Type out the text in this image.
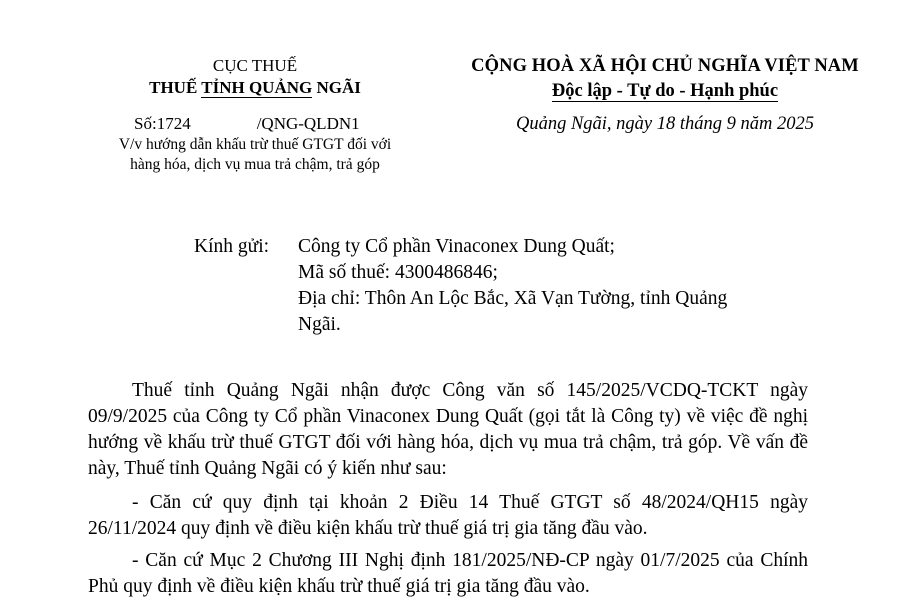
CỤC THUẾ
THUẾ TỈNH QUẢNG NGÃI
Số:1724	/QNG-QLDN1
V/v hướng dẫn khấu trừ thuế GTGT đối với
hàng hóa, dịch vụ mua trả chậm, trả góp
CỘNG HOÀ XÃ HỘI CHỦ NGHĨA VIỆT NAM
Độc lập - Tự do - Hạnh phúc
Quảng Ngãi, ngày 18 tháng 9 năm 2025
Kính gửi: Công ty Cổ phần Vinaconex Dung Quất;
Mã số thuế: 4300486846;
Địa chỉ: Thôn An Lộc Bắc, Xã Vạn Tường, tỉnh Quảng
Ngãi.
Thuế tỉnh Quảng Ngãi nhận được Công văn số 145/2025/VCDQ-TCKT ngày 09/9/2025 của Công ty Cổ phần Vinaconex Dung Quất (gọi tắt là Công ty) về việc đề nghị hướng về khấu trừ thuế GTGT đối với hàng hóa, dịch vụ mua trả chậm, trả góp. Về vấn đề này, Thuế tỉnh Quảng Ngãi có ý kiến như sau:
- Căn cứ quy định tại khoản 2 Điều 14 Thuế GTGT số 48/2024/QH15 ngày 26/11/2024 quy định về điều kiện khấu trừ thuế giá trị gia tăng đầu vào.
- Căn cứ Mục 2 Chương III Nghị định 181/2025/NĐ-CP ngày 01/7/2025 của Chính Phủ quy định về điều kiện khấu trừ thuế giá trị gia tăng đầu vào.
